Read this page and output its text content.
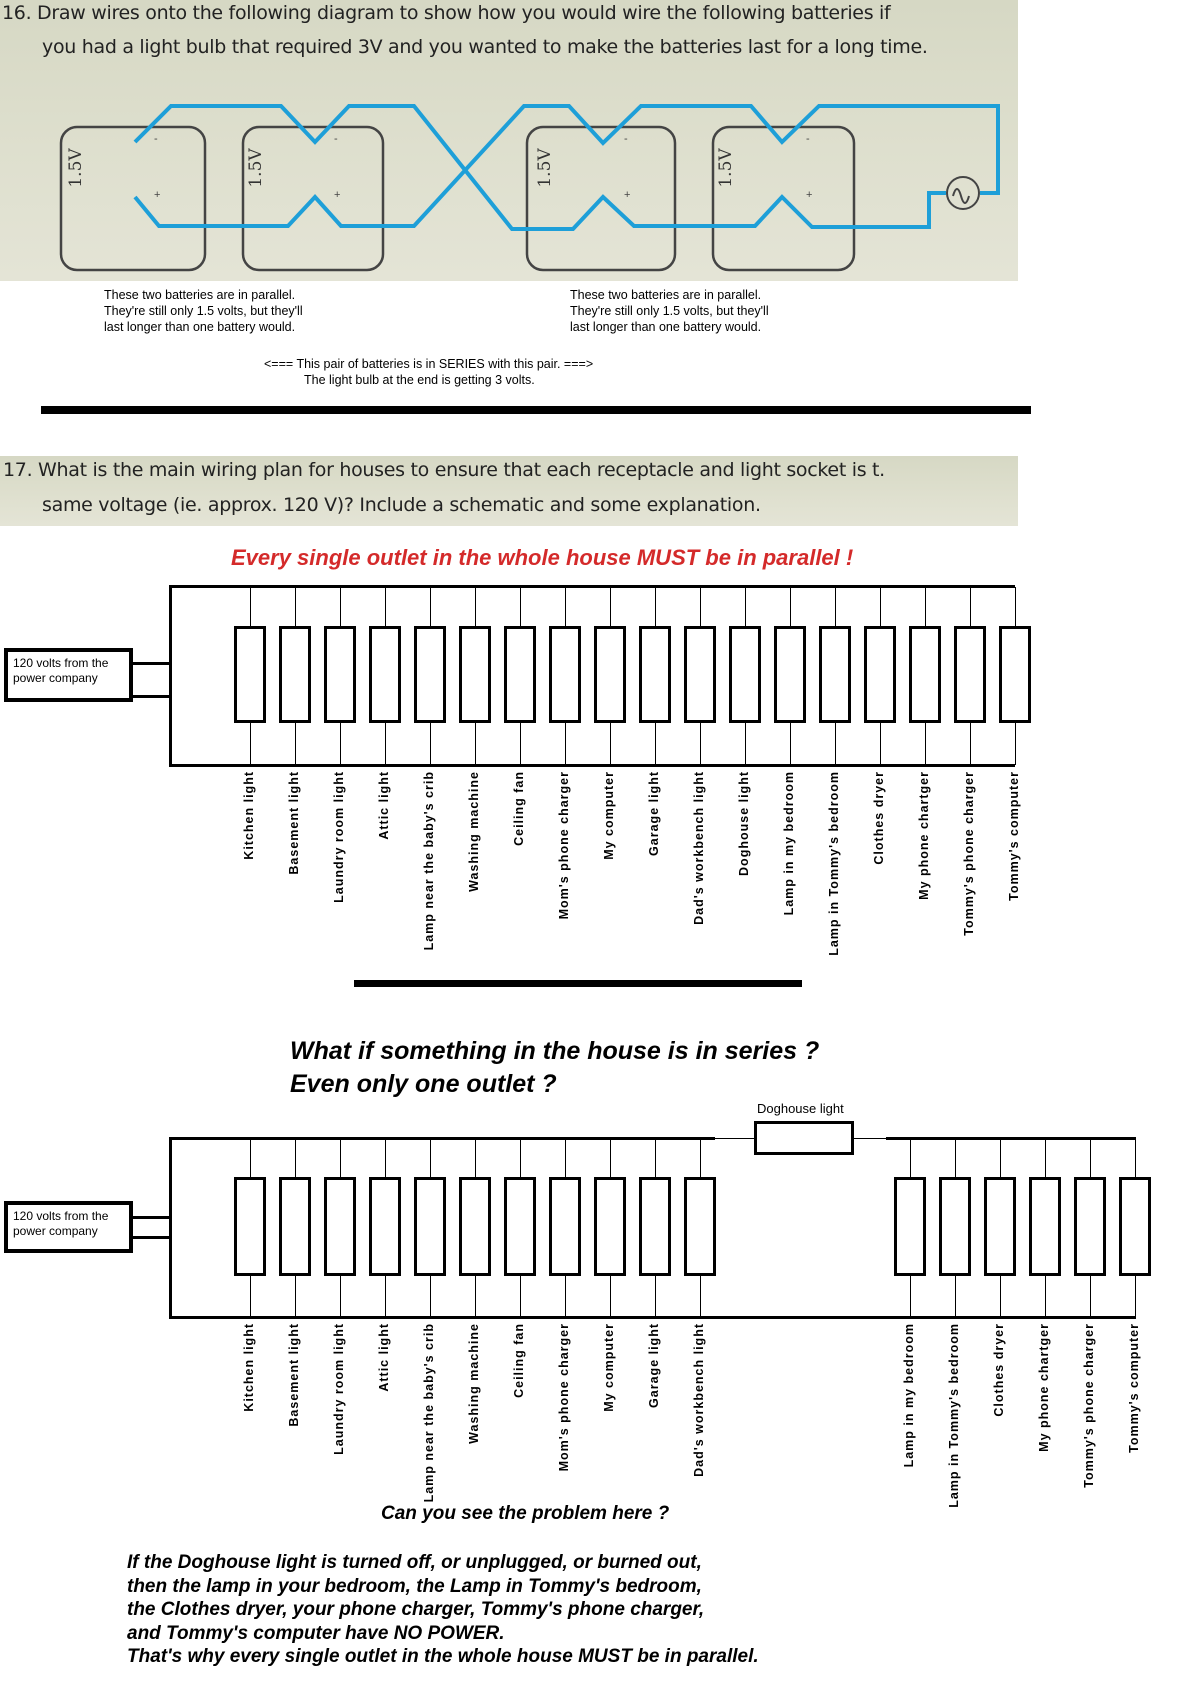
16. Draw wires onto the following diagram to show how you would wire the following batteries if
you had a light bulb that required 3V and you wanted to make the batteries last for a long time.
1.5V
-
+
1.5V
-
+
1.5V
-
+
1.5V
-
+
These two batteries are in parallel.
They're still only 1.5 volts, but they'll
last longer than one battery would.
These two batteries are in parallel.
They're still only 1.5 volts, but they'll
last longer than one battery would.
<=== This pair of batteries is in SERIES with this pair. ===>
The light bulb at the end is getting 3 volts.
17. What is the main wiring plan for houses to ensure that each receptacle and light socket is t.
same voltage (ie. approx. 120 V)? Include a schematic and some explanation.
Every single outlet in the whole house MUST be in parallel !
120 volts from the
power company
Kitchen light Basement light Laundry room light Attic light Lamp near the baby's crib Washing machine Ceiling fan Mom's phone charger My computer Garage light Dad's workbench light Doghouse light Lamp in my bedroom Lamp in Tommy's bedroom Clothes dryer My phone chartger Tommy's phone charger Tommy's computer
What if something in the house is in series ?
Even only one outlet ?
Doghouse light
120 volts from the
power company
Kitchen light Basement light Laundry room light Attic light Lamp near the baby's crib Washing machine Ceiling fan Mom's phone charger My computer Garage light Dad's workbench light	Lamp in my bedroom Lamp in Tommy's bedroom Clothes dryer My phone chartger Tommy's phone charger Tommy's computer
Can you see the problem here ?
If the Doghouse light is turned off, or unplugged, or burned out,
then the lamp in your bedroom, the Lamp in Tommy's bedroom,
the Clothes dryer, your phone charger, Tommy's phone charger,
and Tommy's computer have NO POWER.
That's why every single outlet in the whole house MUST be in parallel.
